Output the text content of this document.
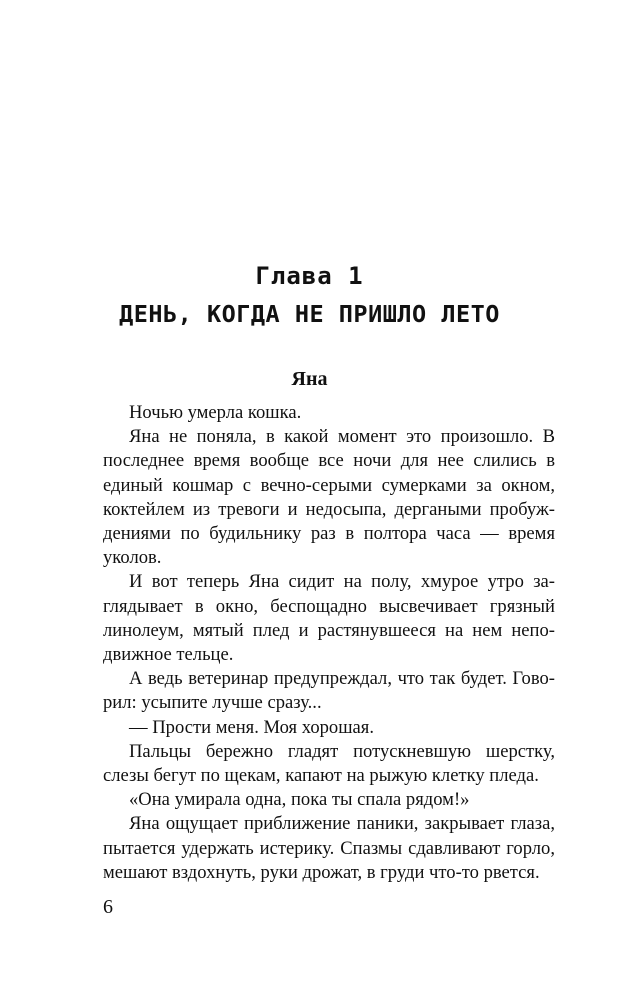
Глава 1
ДЕНЬ, КОГДА НЕ ПРИШЛО ЛЕТО
Яна

Ночью умерла кошка.

Яна не поняла, в какой момент это произошло. В последнее время вообще все ночи для нее слились в единый кошмар с вечно-серыми сумерками за окном, коктейлем из тревоги и недосыпа, дергаными пробуждениями по будильнику раз в полтора часа — время уколов.

И вот теперь Яна сидит на полу, хмурое утро заглядывает в окно, беспощадно высвечивает грязный линолеум, мятый плед и растянувшееся на нем неподвижное тельце.

А ведь ветеринар предупреждал, что так будет. Говорил: усыпите лучше сразу...

— Прости меня. Моя хорошая.

Пальцы бережно гладят потускневшую шерстку, слезы бегут по щекам, капают на рыжую клетку пледа.

«Она умирала одна, пока ты спала рядом!»

Яна ощущает приближение паники, закрывает глаза, пытается удержать истерику. Спазмы сдавливают горло, мешают вздохнуть, руки дрожат, в груди что-то рвется.

6
